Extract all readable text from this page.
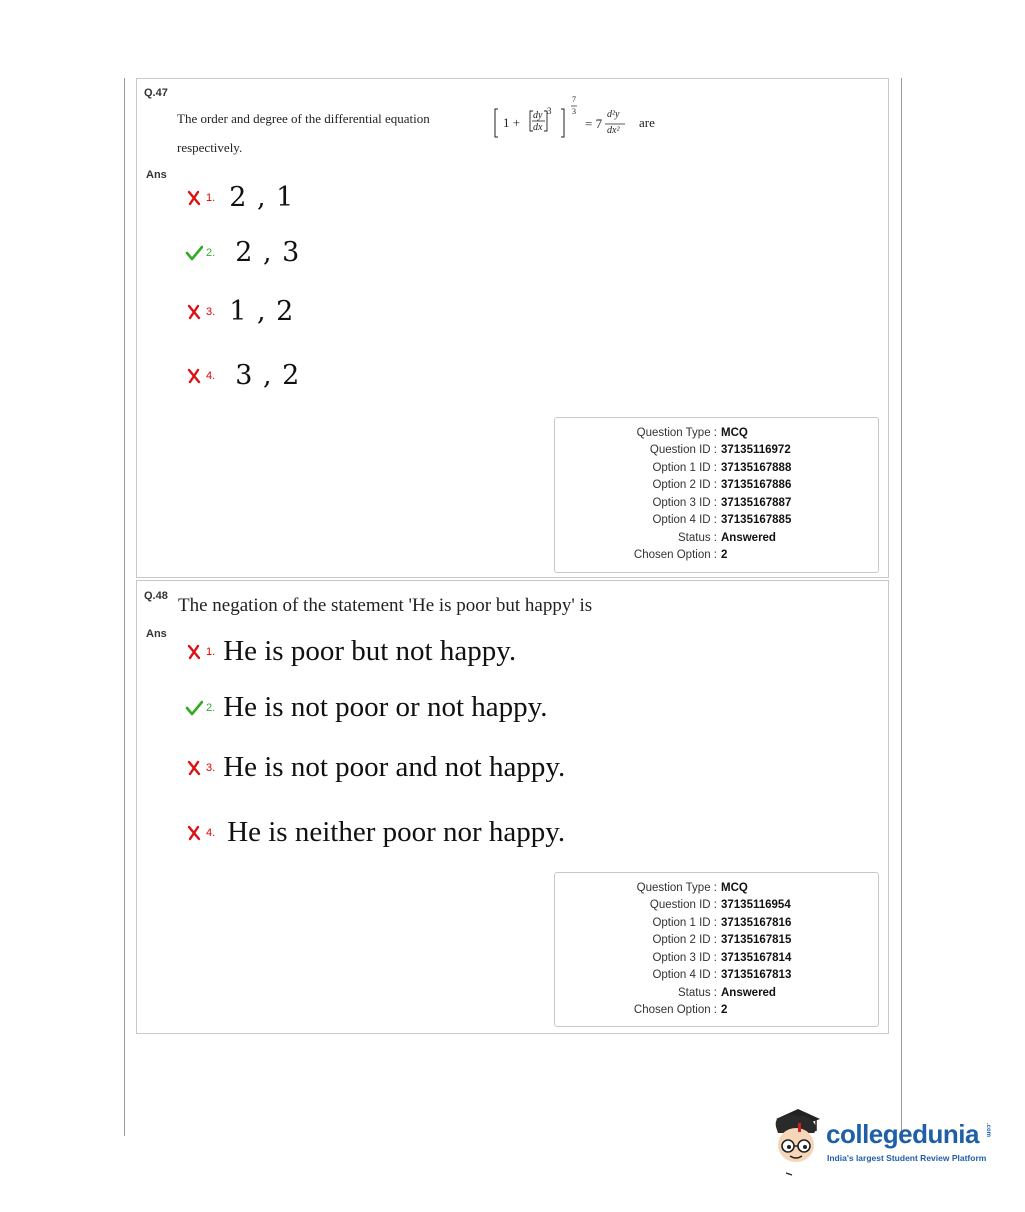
Q.47
The order and degree of the differential equation	1 + dy
dx
3
7
3
= 7
d²y
dx²
are
respectively.
Ans
1. 2 , 1
2. 2 , 3
3. 1 , 2
4. 3 , 2
Question Type : MCQ
Question ID : 37135116972
Option 1 ID : 37135167888
Option 2 ID : 37135167886
Option 3 ID : 37135167887
Option 4 ID : 37135167885
Status : Answered
Chosen Option : 2
Q.48 The negation of the statement 'He is poor but happy' is
Ans
1. He is poor but not happy.
2. He is not poor or not happy.
3. He is not poor and not happy.
4. He is neither poor nor happy.
Question Type : MCQ
Question ID : 37135116954
Option 1 ID : 37135167816
Option 2 ID : 37135167815
Option 3 ID : 37135167814
Option 4 ID : 37135167813
Status : Answered
Chosen Option : 2
collegedunia .com
India's largest Student Review Platform
